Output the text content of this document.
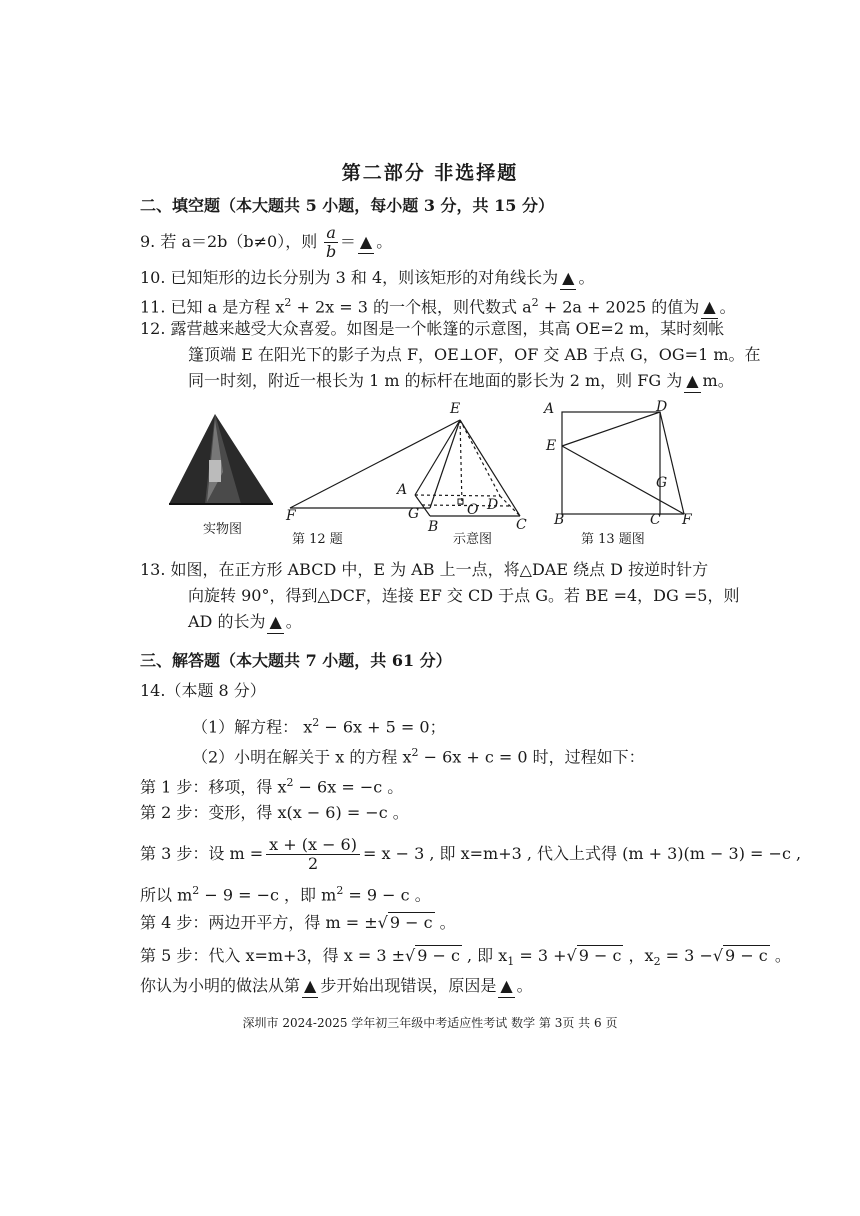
第二部分 非选择题
二、填空题（本大题共 5 小题，每小题 3 分，共 15 分）
9. 若 a＝2b（b≠0），则 $\frac{a}{b}$ ＝ ▲ 。
10. 已知矩形的边长分别为 3 和 4，则该矩形的对角线长为 ▲ 。
11. 已知 a 是方程 $x^2 + 2x = 3$ 的一个根，则代数式 $a^2 + 2a + 2025$ 的值为 ▲ 。
12. 露营越来越受大众喜爱。如图是一个帐篷的示意图，其高 OE=2 m，某时刻帐
篷顶端 E 在阳光下的影子为点 F，OE⊥OF，OF 交 AB 于点 G，OG=1 m。在
同一时刻，附近一根长为 1 m 的标杆在地面的影长为 2 m，则 FG 为 ▲ m。
实物图
E
A
D
F	G
B
O
C
第 12 题	示意图
A	D
E
G
B	C F
第 13 题图
13. 如图，在正方形 ABCD 中，E 为 AB 上一点，将△DAE 绕点 D 按逆时针方
向旋转 90°，得到△DCF，连接 EF 交 CD 于点 G。若 BE =4，DG =5，则
AD 的长为 ▲ 。
三、解答题（本大题共 7 小题，共 61 分）
14.（本题 8 分）
（1）解方程： $x^2 - 6x + 5 = 0$；
（2）小明在解关于 x 的方程 $x^2 - 6x + c = 0$ 时，过程如下：
第 1 步：移项，得 $x^2 - 6x = -c$ 。
第 2 步：变形，得 x(x − 6) = −c 。
第 3 步：设 $m = \frac{x + (x - 6)}{2} = x - 3$ , 即 x=m+3 , 代入上式得 (m + 3)(m − 3) = −c ,
所以 $m^2 - 9 = -c$ ，即 $m^2 = 9 - c$ 。
第 4 步：两边开平方，得 m = ±√ 9 − c 。
第 5 步：代入 x=m+3，得 x = 3 ±√ 9 − c , 即 $x_1 = 3$ +√ 9 − c ，$x_2 = 3$ −√ 9 − c 。
你认为小明的做法从第 ▲ 步开始出现错误，原因是 ▲ 。
深圳市 2024-2025 学年初三年级中考适应性考试 数学 第 3页 共 6 页
